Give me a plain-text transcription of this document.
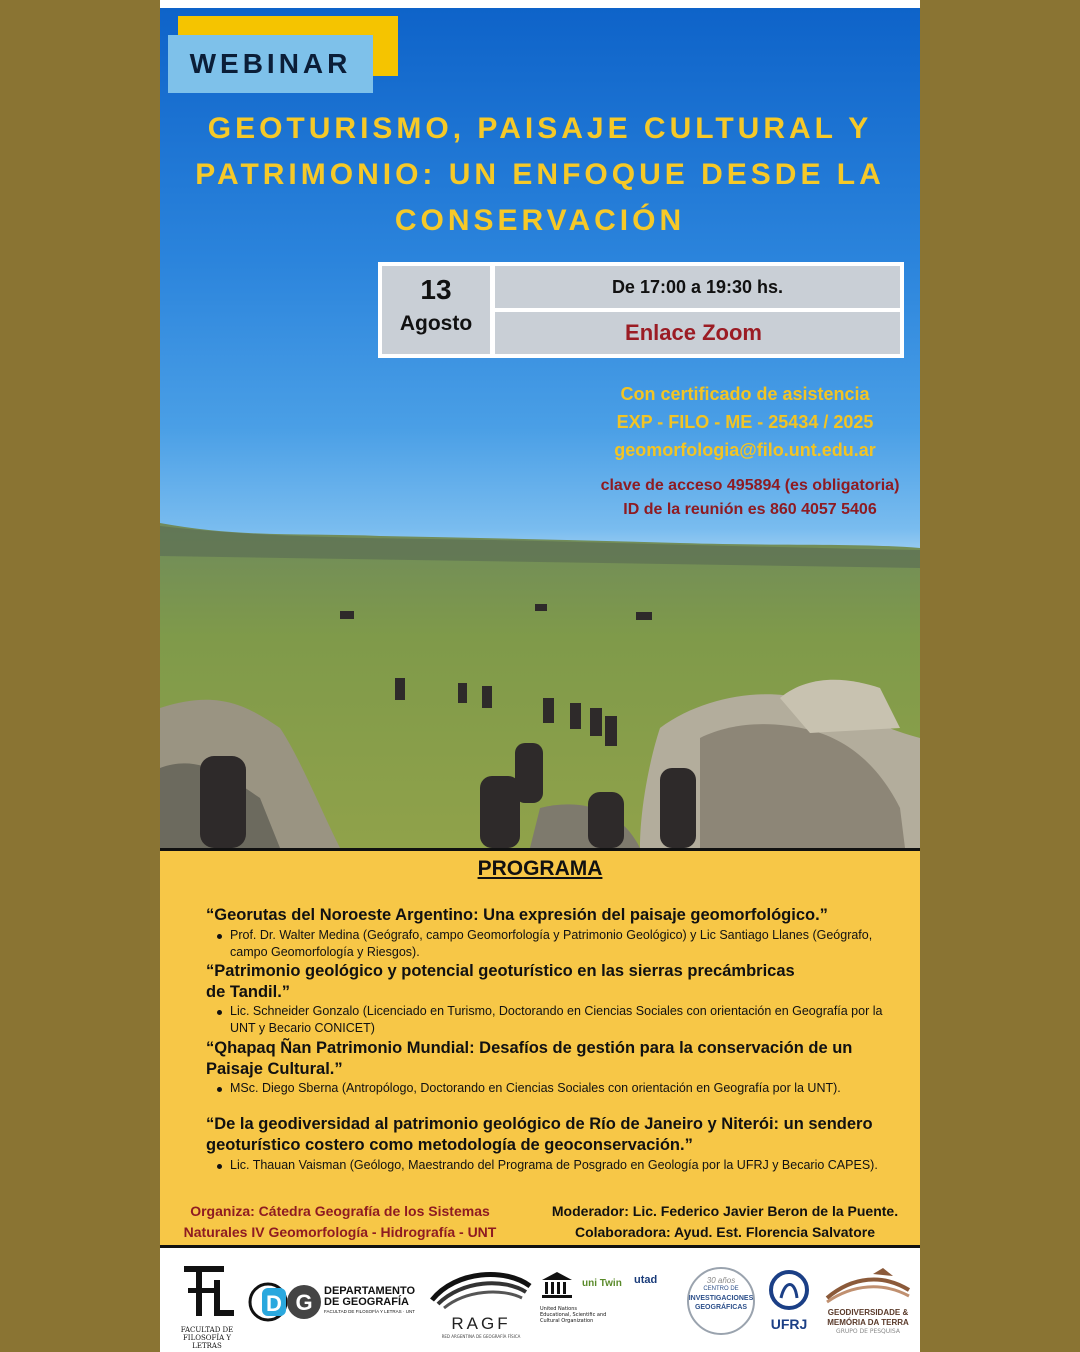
WEBINAR
GEOTURISMO, PAISAJE CULTURAL Y
PATRIMONIO: UN ENFOQUE DESDE LA
CONSERVACIÓN
13
Agosto
De 17:00 a 19:30 hs.
Enlace Zoom
Con certificado de asistencia
EXP - FILO - ME - 25434 / 2025
geomorfologia@filo.unt.edu.ar
clave de acceso 495894 (es obligatoria)
ID de la reunión es 860 4057 5406
PROGRAMA
“Georutas del Noroeste Argentino: Una expresión del paisaje geomorfológico.”
Prof. Dr. Walter Medina (Geógrafo, campo Geomorfología y Patrimonio Geológico) y Lic Santiago Llanes (Geógrafo, campo Geomorfología y Riesgos).
“Patrimonio geológico y potencial geoturístico en las sierras precámbricas
de Tandil.”
Lic. Schneider Gonzalo (Licenciado en Turismo, Doctorando en Ciencias Sociales con orientación en Geografía por la UNT y Becario CONICET)
“Qhapaq Ñan Patrimonio Mundial: Desafíos de gestión para la conservación de un Paisaje Cultural.”
MSc. Diego Sberna (Antropólogo, Doctorando en Ciencias Sociales con orientación en Geografía por la UNT).
“De la geodiversidad al patrimonio geológico de Río de Janeiro y Niterói: un sendero geoturístico costero como metodología de geoconservación.”
Lic. Thauan Vaisman (Geólogo, Maestrando del Programa de Posgrado en Geología por la UFRJ y Becario CAPES).
Organiza: Cátedra Geografía de los Sistemas
Naturales IV Geomorfología - Hidrografía - UNT
Moderador: Lic. Federico Javier Beron de la Puente.
Colaboradora: Ayud. Est. Florencia Salvatore
FACULTAD DE
FILOSOFÍA Y LETRAS
D G DEPARTAMENTO
DE GEOGRAFÍA
FACULTAD DE FILOSOFÍA Y LETRAS · UNT
RAGF
RED ARGENTINA DE GEOGRAFÍA FÍSICA
United Nations
Educational, Scientific and
Cultural Organization
uni Twin utad	30 años
CENTRO DE
INVESTIGACIONES
GEOGRÁFICAS
UFRJ
GEODIVERSIDADE &
MEMÓRIA DA TERRA
GRUPO DE PESQUISA
